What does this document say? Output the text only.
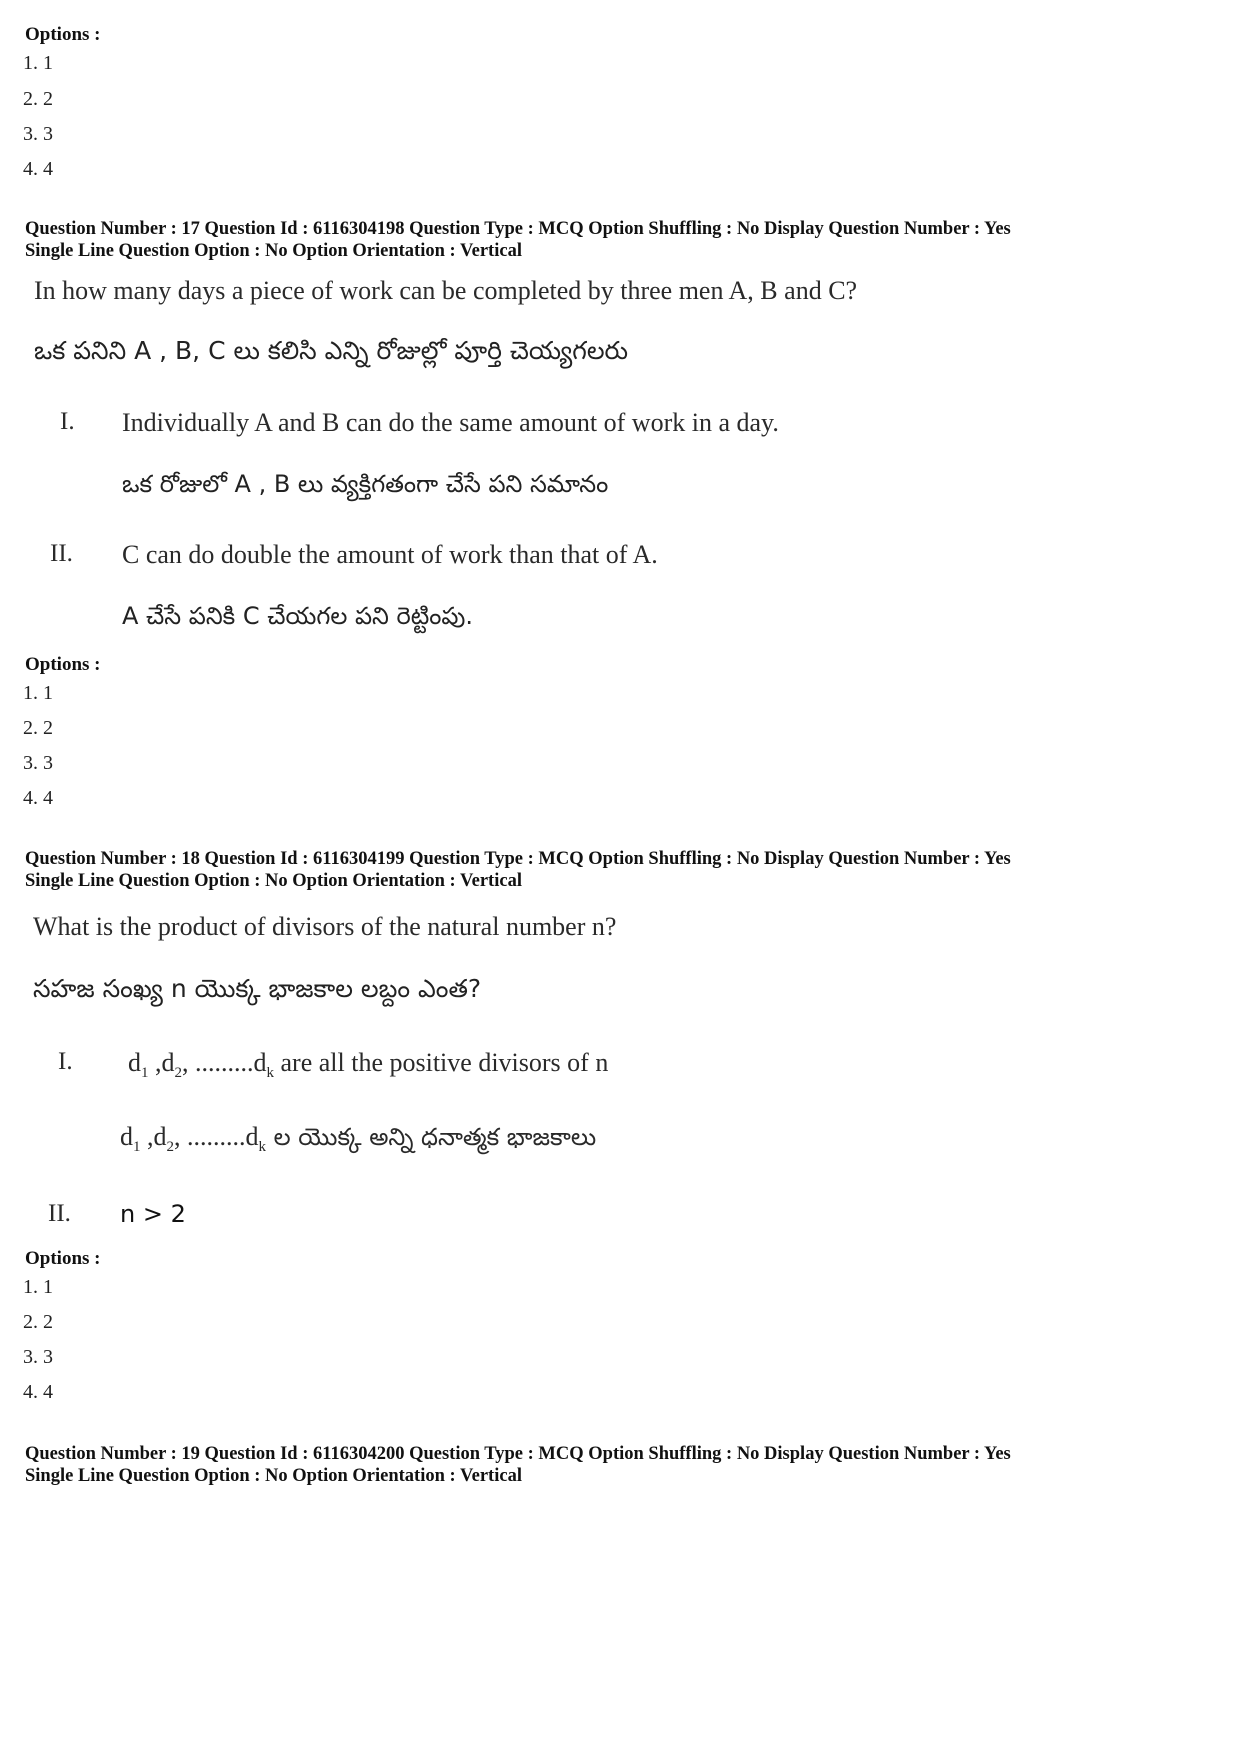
Options :
1. 1
2. 2
3. 3
4. 4
Question Number : 17 Question Id : 6116304198 Question Type : MCQ Option Shuffling : No Display Question Number : Yes
Single Line Question Option : No Option Orientation : Vertical
In how many days a piece of work can be completed by three men A, B and C?
ఒక పనిని A , B, C లు కలిసి ఎన్ని రోజుల్లో పూర్తి చెయ్యగలరు
I. Individually A and B can do the same amount of work in a day.
ఒక రోజులో A , B లు వ్యక్తిగతంగా చేసే పని సమానం
II. C can do double the amount of work than that of A.
A చేసే పనికి C చేయగల పని రెట్టింపు.
Options :
1. 1
2. 2
3. 3
4. 4
Question Number : 18 Question Id : 6116304199 Question Type : MCQ Option Shuffling : No Display Question Number : Yes
Single Line Question Option : No Option Orientation : Vertical
What is the product of divisors of the natural number n?
సహజ సంఖ్య n యొక్క భాజకాల లబ్దం ఎంత?
I. $d_1$ $,d_2$, $.........d_k$ are all the positive divisors of n
$d_1$ $,d_2$, $.........d_k$ ల యొక్క అన్ని ధనాత్మక భాజకాలు
II. n > 2
Options :
1. 1
2. 2
3. 3
4. 4
Question Number : 19 Question Id : 6116304200 Question Type : MCQ Option Shuffling : No Display Question Number : Yes
Single Line Question Option : No Option Orientation : Vertical
